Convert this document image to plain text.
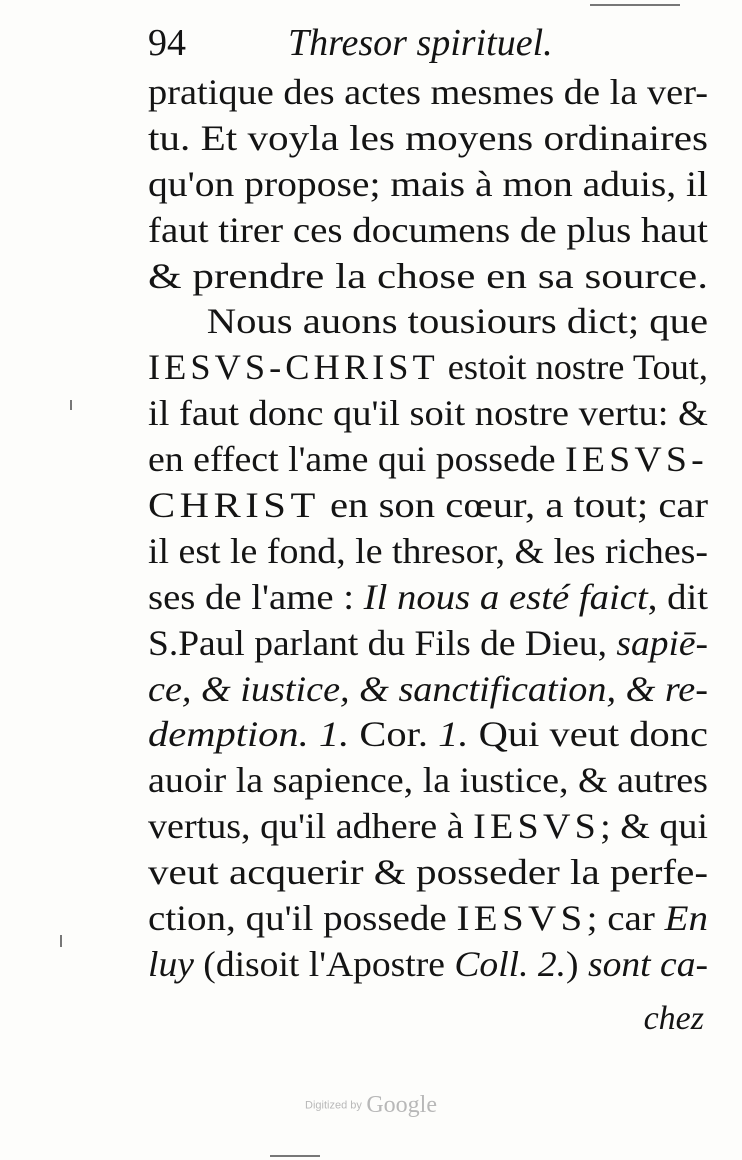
94	Thresor spirituel.
pratique des actes mesmes de la ver-
tu. Et voyla les moyens ordinaires
qu'on propose; mais à mon aduis, il
faut tirer ces documens de plus haut
& prendre la chose en sa source.
Nous auons tousiours dict; que
IESVS-CHRIST estoit nostre Tout,
il faut donc qu'il soit nostre vertu: &
en effect l'ame qui possede IESVS-
CHRIST en son cœur, a tout; car
il est le fond, le thresor, & les riches-
ses de l'ame : Il nous a esté faict, dit
S.Paul parlant du Fils de Dieu, sapiē-
ce, & iustice, & sanctification, & re-
demption. 1. Cor. 1. Qui veut donc
auoir la sapience, la iustice, & autres
vertus, qu'il adhere à IESVS; & qui
veut acquerir & posseder la perfe-
ction, qu'il possede IESVS; car En
luy (disoit l'Apostre Coll. 2.) sont ca-
chez
Digitized by Google
